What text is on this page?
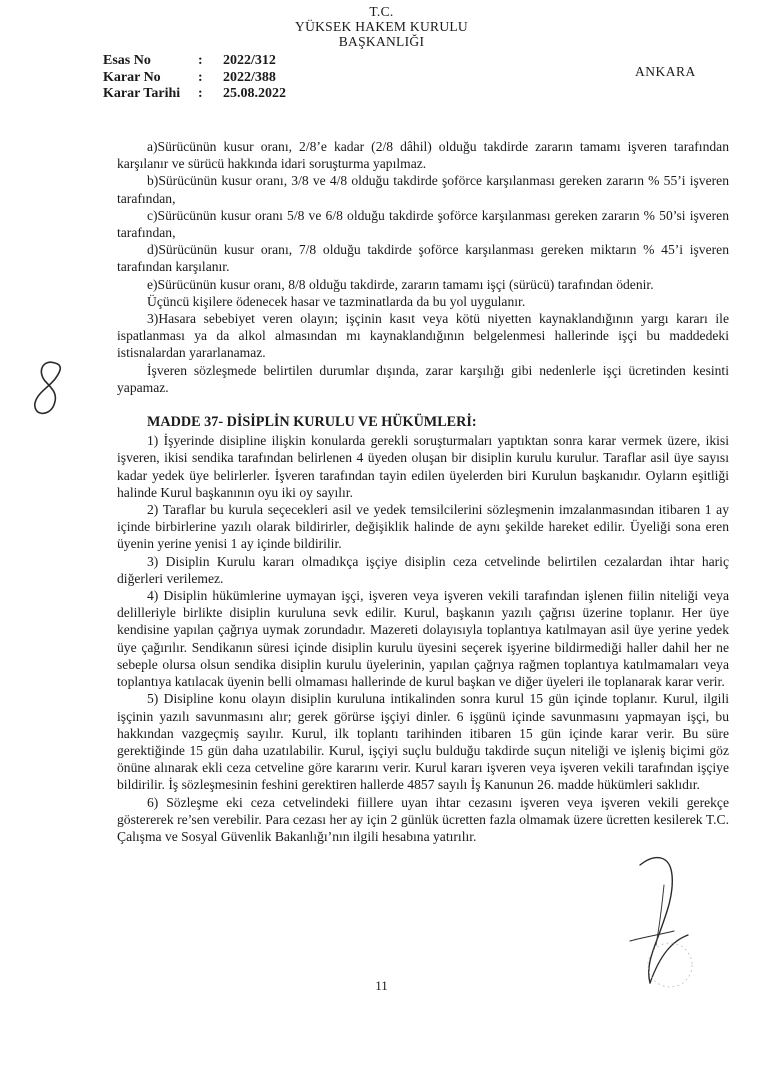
T.C.
YÜKSEK HAKEM KURULU
BAŞKANLIĞI
Esas No	:	2022/312
Karar No	:	2022/388
Karar Tarihi	:	25.08.2022
ANKARA

a)Sürücünün kusur oranı, 2/8’e kadar (2/8 dâhil) olduğu takdirde zararın tamamı işveren tarafından karşılanır ve sürücü hakkında idari soruşturma yapılmaz.

b)Sürücünün kusur oranı, 3/8 ve 4/8 olduğu takdirde şoförce karşılanması gereken zararın % 55’i işveren tarafından,

c)Sürücünün kusur oranı 5/8 ve 6/8 olduğu takdirde şoförce karşılanması gereken zararın % 50’si işveren tarafından,

d)Sürücünün kusur oranı, 7/8 olduğu takdirde şoförce karşılanması gereken miktarın % 45’i işveren tarafından karşılanır.

e)Sürücünün kusur oranı, 8/8 olduğu takdirde, zararın tamamı işçi (sürücü) tarafından ödenir.

Üçüncü kişilere ödenecek hasar ve tazminatlarda da bu yol uygulanır.

3)Hasara sebebiyet veren olayın; işçinin kasıt veya kötü niyetten kaynaklandığının yargı kararı ile ispatlanması ya da alkol almasından mı kaynaklandığının belgelenmesi hallerinde işçi bu maddedeki istisnalardan yararlanamaz.

İşveren sözleşmede belirtilen durumlar dışında, zarar karşılığı gibi nedenlerle işçi ücretinden kesinti yapamaz.

MADDE 37- DİSİPLİN KURULU VE HÜKÜMLERİ:

1) İşyerinde disipline ilişkin konularda gerekli soruşturmaları yaptıktan sonra karar vermek üzere, ikisi işveren, ikisi sendika tarafından belirlenen 4 üyeden oluşan bir disiplin kurulu kurulur. Taraflar asil üye sayısı kadar yedek üye belirlerler. İşveren tarafından tayin edilen üyelerden biri Kurulun başkanıdır. Oyların eşitliği halinde Kurul başkanının oyu iki oy sayılır.

2) Taraflar bu kurula seçecekleri asil ve yedek temsilcilerini sözleşmenin imzalanmasından itibaren 1 ay içinde birbirlerine yazılı olarak bildirirler, değişiklik halinde de aynı şekilde hareket edilir. Üyeliği sona eren üyenin yerine yenisi 1 ay içinde bildirilir.

3) Disiplin Kurulu kararı olmadıkça işçiye disiplin ceza cetvelinde belirtilen cezalardan ihtar hariç diğerleri verilemez.

4) Disiplin hükümlerine uymayan işçi, işveren veya işveren vekili tarafından işlenen fiilin niteliği veya delilleriyle birlikte disiplin kuruluna sevk edilir. Kurul, başkanın yazılı çağrısı üzerine toplanır. Her üye kendisine yapılan çağrıya uymak zorundadır. Mazereti dolayısıyla toplantıya katılmayan asil üye yerine yedek üye çağırılır. Sendikanın süresi içinde disiplin kurulu üyesini seçerek işyerine bildirmediği haller dahil her ne sebeple olursa olsun sendika disiplin kurulu üyelerinin, yapılan çağrıya rağmen toplantıya katılmamaları veya toplantıya katılacak üyenin belli olmaması hallerinde de kurul başkan ve diğer üyeleri ile toplanarak karar verir.

5) Disipline konu olayın disiplin kuruluna intikalinden sonra kurul 15 gün içinde toplanır. Kurul, ilgili işçinin yazılı savunmasını alır; gerek görürse işçiyi dinler. 6 işgünü içinde savunmasını yapmayan işçi, bu hakkından vazgeçmiş sayılır. Kurul, ilk toplantı tarihinden itibaren 15 gün içinde karar verir. Bu süre gerektiğinde 15 gün daha uzatılabilir. Kurul, işçiyi suçlu bulduğu takdirde suçun niteliği ve işleniş biçimi göz önüne alınarak ekli ceza cetveline göre kararını verir. Kurul kararı işveren veya işveren vekili tarafından işçiye bildirilir. İş sözleşmesinin feshini gerektiren hallerde 4857 sayılı İş Kanunun 26. madde hükümleri saklıdır.

6) Sözleşme eki ceza cetvelindeki fiillere uyan ihtar cezasını işveren veya işveren vekili gerekçe göstererek re’sen verebilir. Para cezası her ay için 2 günlük ücretten fazla olmamak üzere ücretten kesilerek T.C. Çalışma ve Sosyal Güvenlik Bakanlığı’nın ilgili hesabına yatırılır.

11
